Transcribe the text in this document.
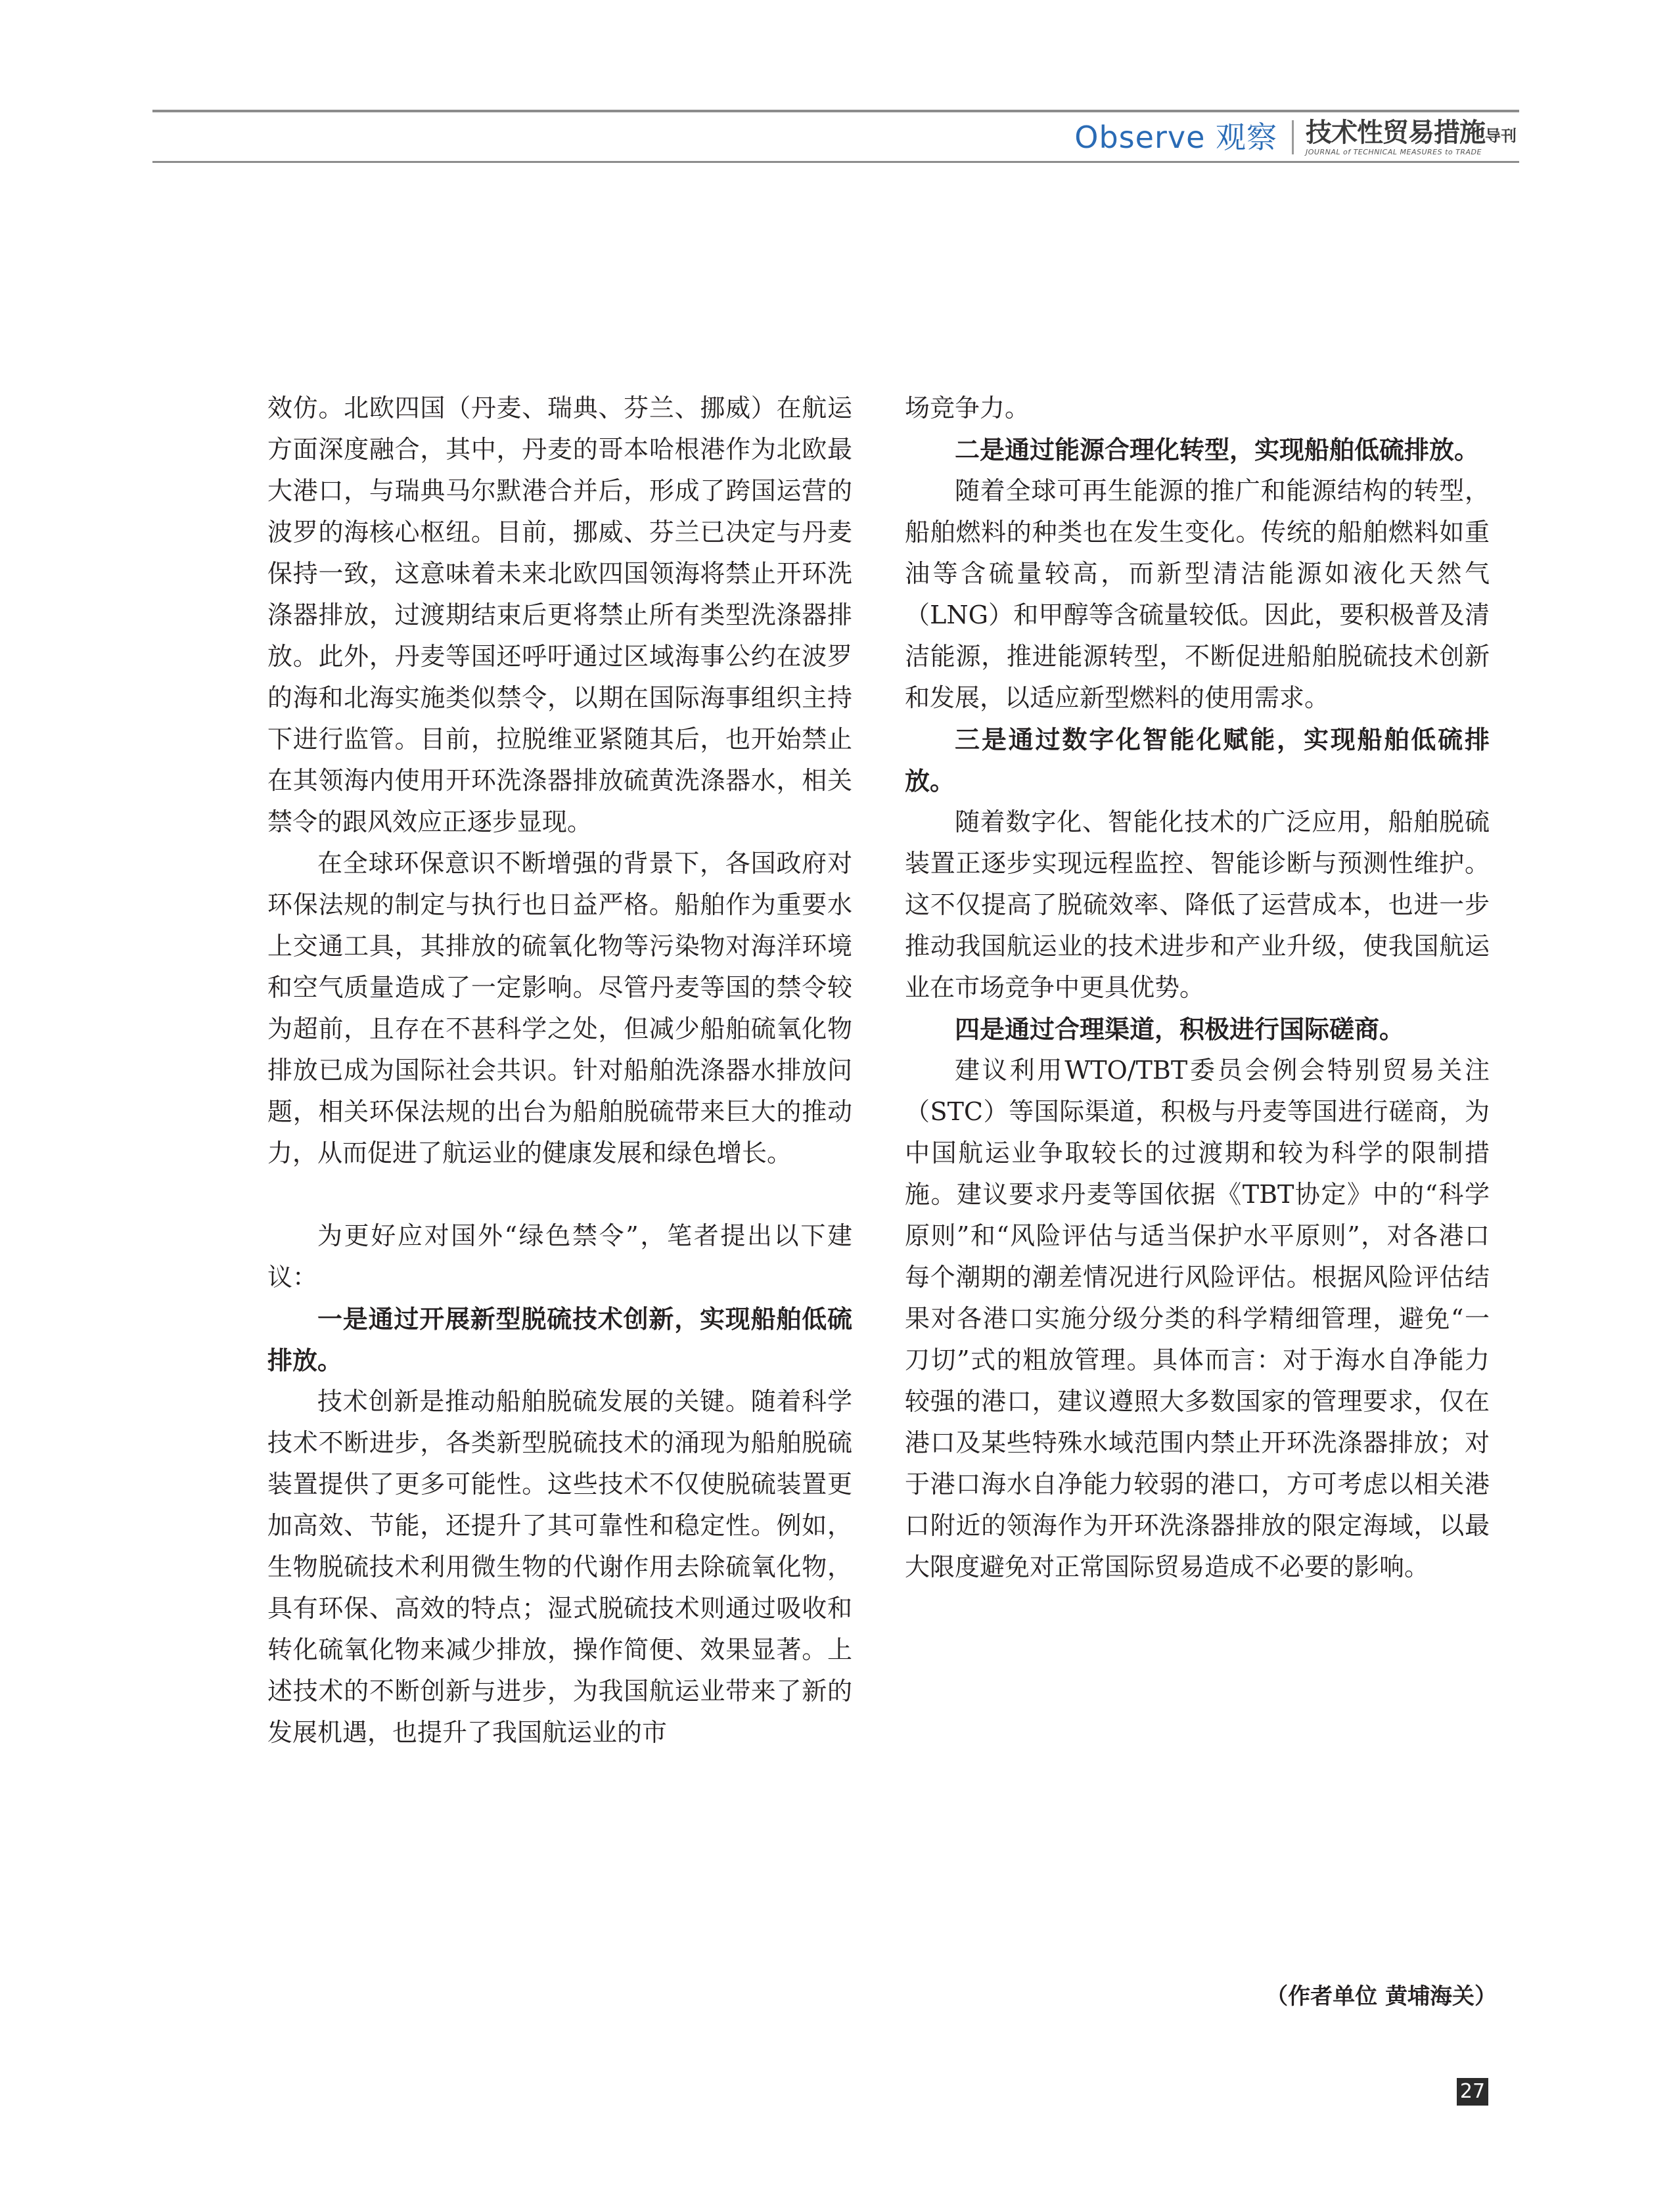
Observe 观察 技术性贸易措施 导刊
JOURNAL of TECHNICAL MEASURES to TRADE

效仿。北欧四国（丹麦、瑞典、芬兰、挪威）在航运方面深度融合，其中，丹麦的哥本哈根港作为北欧最大港口，与瑞典马尔默港合并后，形成了跨国运营的波罗的海核心枢纽。目前，挪威、芬兰已决定与丹麦保持一致，这意味着未来北欧四国领海将禁止开环洗涤器排放，过渡期结束后更将禁止所有类型洗涤器排放。此外，丹麦等国还呼吁通过区域海事公约在波罗的海和北海实施类似禁令，以期在国际海事组织主持下进行监管。目前，拉脱维亚紧随其后，也开始禁止在其领海内使用开环洗涤器排放硫黄洗涤器水，相关禁令的跟风效应正逐步显现。

在全球环保意识不断增强的背景下，各国政府对环保法规的制定与执行也日益严格。船舶作为重要水上交通工具，其排放的硫氧化物等污染物对海洋环境和空气质量造成了一定影响。尽管丹麦等国的禁令较为超前，且存在不甚科学之处，但减少船舶硫氧化物排放已成为国际社会共识。针对船舶洗涤器水排放问题，相关环保法规的出台为船舶脱硫带来巨大的推动力，从而促进了航运业的健康发展和绿色增长。

为更好应对国外“绿色禁令”，笔者提出以下建议：

一是通过开展新型脱硫技术创新，实现船舶低硫排放。

技术创新是推动船舶脱硫发展的关键。随着科学技术不断进步，各类新型脱硫技术的涌现为船舶脱硫装置提供了更多可能性。这些技术不仅使脱硫装置更加高效、节能，还提升了其可靠性和稳定性。例如，生物脱硫技术利用微生物的代谢作用去除硫氧化物，具有环保、高效的特点；湿式脱硫技术则通过吸收和转化硫氧化物来减少排放，操作简便、效果显著。上述技术的不断创新与进步，为我国航运业带来了新的发展机遇，也提升了我国航运业的市

场竞争力。

二是通过能源合理化转型，实现船舶低硫排放。

随着全球可再生能源的推广和能源结构的转型，船舶燃料的种类也在发生变化。传统的船舶燃料如重油等含硫量较高，而新型清洁能源如液化天然气（LNG）和甲醇等含硫量较低。因此，要积极普及清洁能源，推进能源转型，不断促进船舶脱硫技术创新和发展，以适应新型燃料的使用需求。

三是通过数字化智能化赋能，实现船舶低硫排放。

随着数字化、智能化技术的广泛应用，船舶脱硫装置正逐步实现远程监控、智能诊断与预测性维护。这不仅提高了脱硫效率、降低了运营成本，也进一步推动我国航运业的技术进步和产业升级，使我国航运业在市场竞争中更具优势。

四是通过合理渠道，积极进行国际磋商。

建议利用WTO/TBT委员会例会特别贸易关注（STC）等国际渠道，积极与丹麦等国进行磋商，为中国航运业争取较长的过渡期和较为科学的限制措施。建议要求丹麦等国依据《TBT协定》中的“科学原则”和“风险评估与适当保护水平原则”，对各港口每个潮期的潮差情况进行风险评估。根据风险评估结果对各港口实施分级分类的科学精细管理，避免“一刀切”式的粗放管理。具体而言：对于海水自净能力较强的港口，建议遵照大多数国家的管理要求，仅在港口及某些特殊水域范围内禁止开环洗涤器排放；对于港口海水自净能力较弱的港口，方可考虑以相关港口附近的领海作为开环洗涤器排放的限定海域，以最大限度避免对正常国际贸易造成不必要的影响。

（作者单位 黄埔海关）
27
